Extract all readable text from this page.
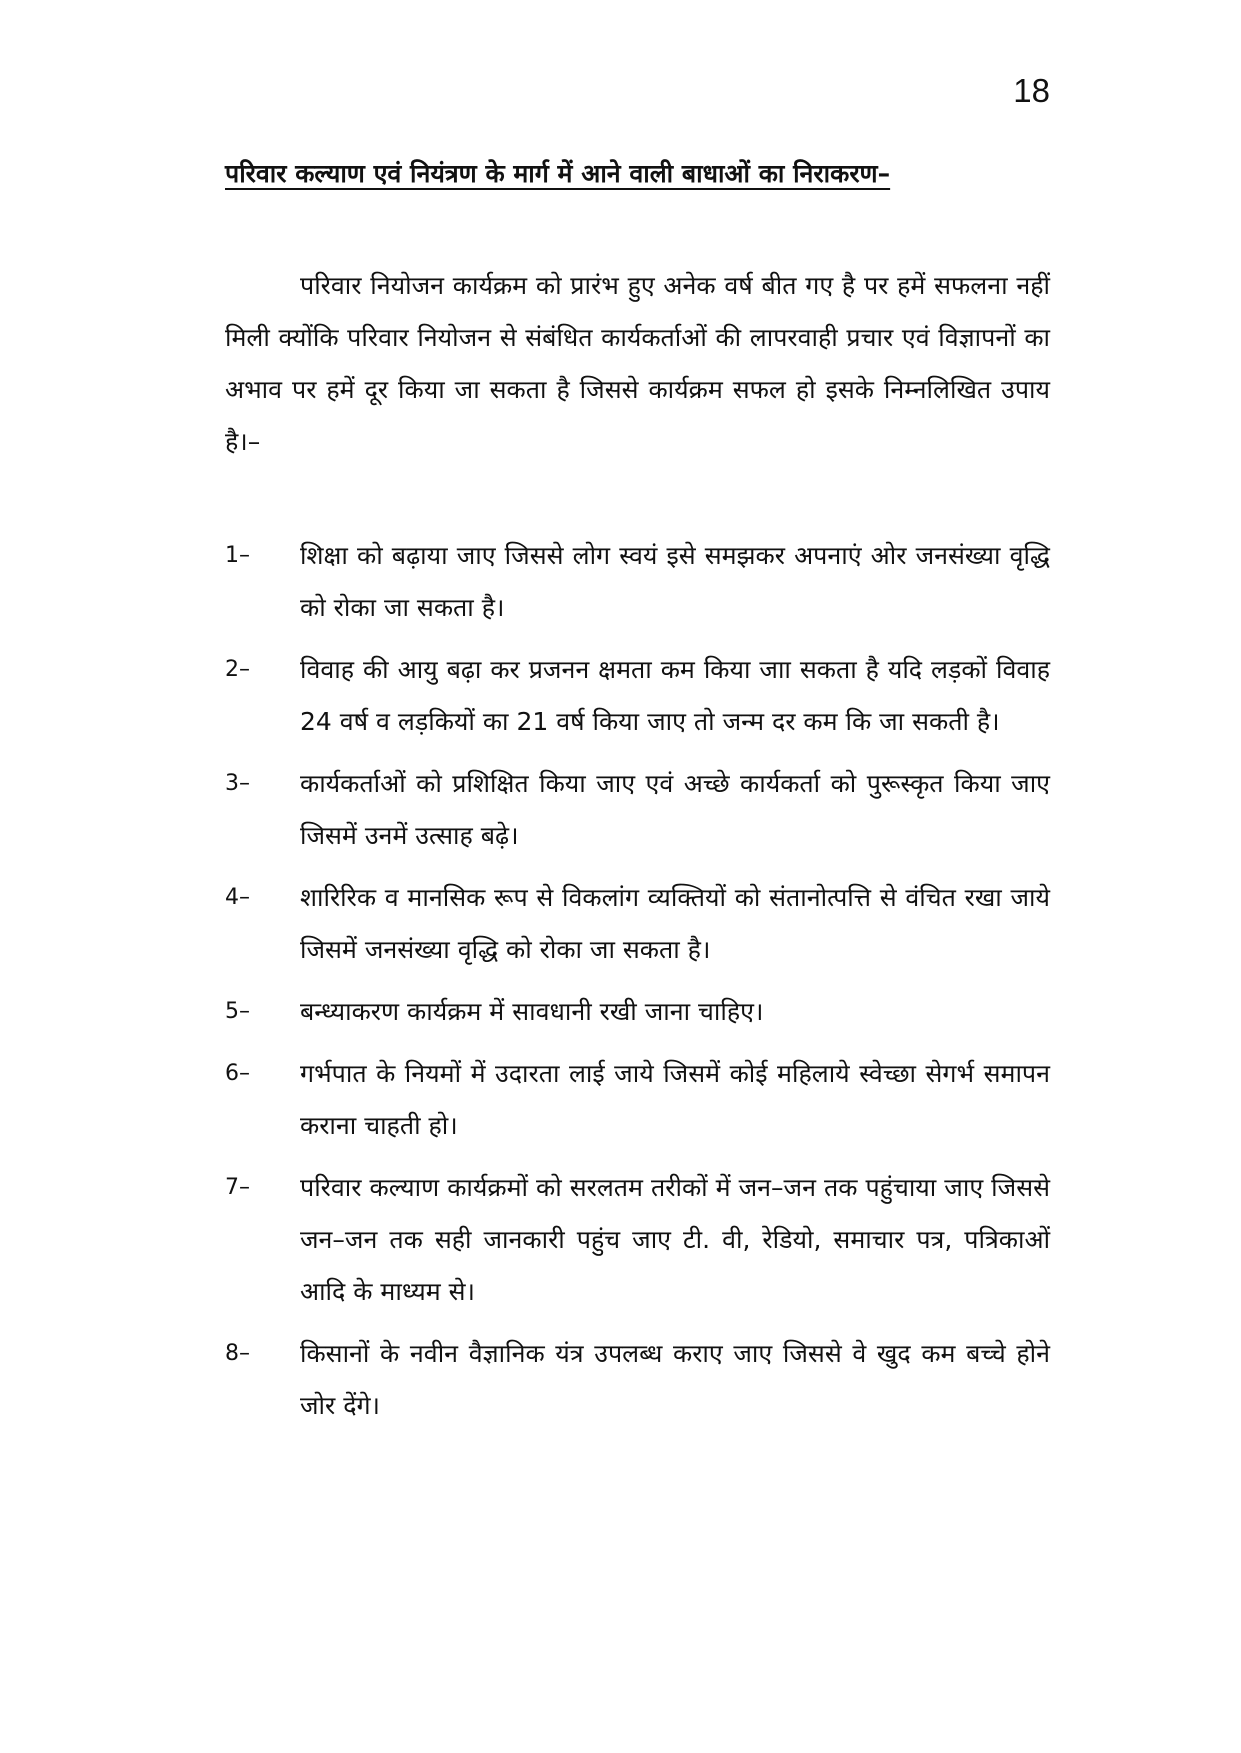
18
परिवार कल्याण एवं नियंत्रण के मार्ग में आने वाली बाधाओं का निराकरण–

परिवार नियोजन कार्यक्रम को प्रारंभ हुए अनेक वर्ष बीत गए है पर हमें सफलना नहीं मिली क्योंकि परिवार नियोजन से संबंधित कार्यकर्ताओं की लापरवाही प्रचार एवं विज्ञापनों का अभाव पर हमें दूर किया जा सकता है जिससे कार्यक्रम सफल हो इसके निम्नलिखित उपाय है।–

1–	शिक्षा को बढ़ाया जाए जिससे लोग स्वयं इसे समझकर अपनाएं ओर जनसंख्या वृद्धि को रोका जा सकता है।
2–	विवाह की आयु बढ़ा कर प्रजनन क्षमता कम किया जाा सकता है यदि लड़कों विवाह 24 वर्ष व लड़कियों का 21 वर्ष किया जाए तो जन्म दर कम कि जा सकती है।
3–	कार्यकर्ताओं को प्रशिक्षित किया जाए एवं अच्छे कार्यकर्ता को पुरूस्कृत किया जाए जिसमें उनमें उत्साह बढ़े।
4–	शारिरिक व मानसिक रूप से विकलांग व्यक्तियों को संतानोत्पत्ति से वंचित रखा जाये जिसमें जनसंख्या वृद्धि को रोका जा सकता है।
5–	बन्ध्याकरण कार्यक्रम में सावधानी रखी जाना चाहिए।
6–	गर्भपात के नियमों में उदारता लाई जाये जिसमें कोई महिलाये स्वेच्छा सेगर्भ समापन कराना चाहती हो।
7–	परिवार कल्याण कार्यक्रमों को सरलतम तरीकों में जन–जन तक पहुंचाया जाए जिससे जन–जन तक सही जानकारी पहुंच जाए टी. वी, रेडियो, समाचार पत्र, पत्रिकाओं आदि के माध्यम से।
8–	किसानों के नवीन वैज्ञानिक यंत्र उपलब्ध कराए जाए जिससे वे खुद कम बच्चे होने जोर देंगे।
